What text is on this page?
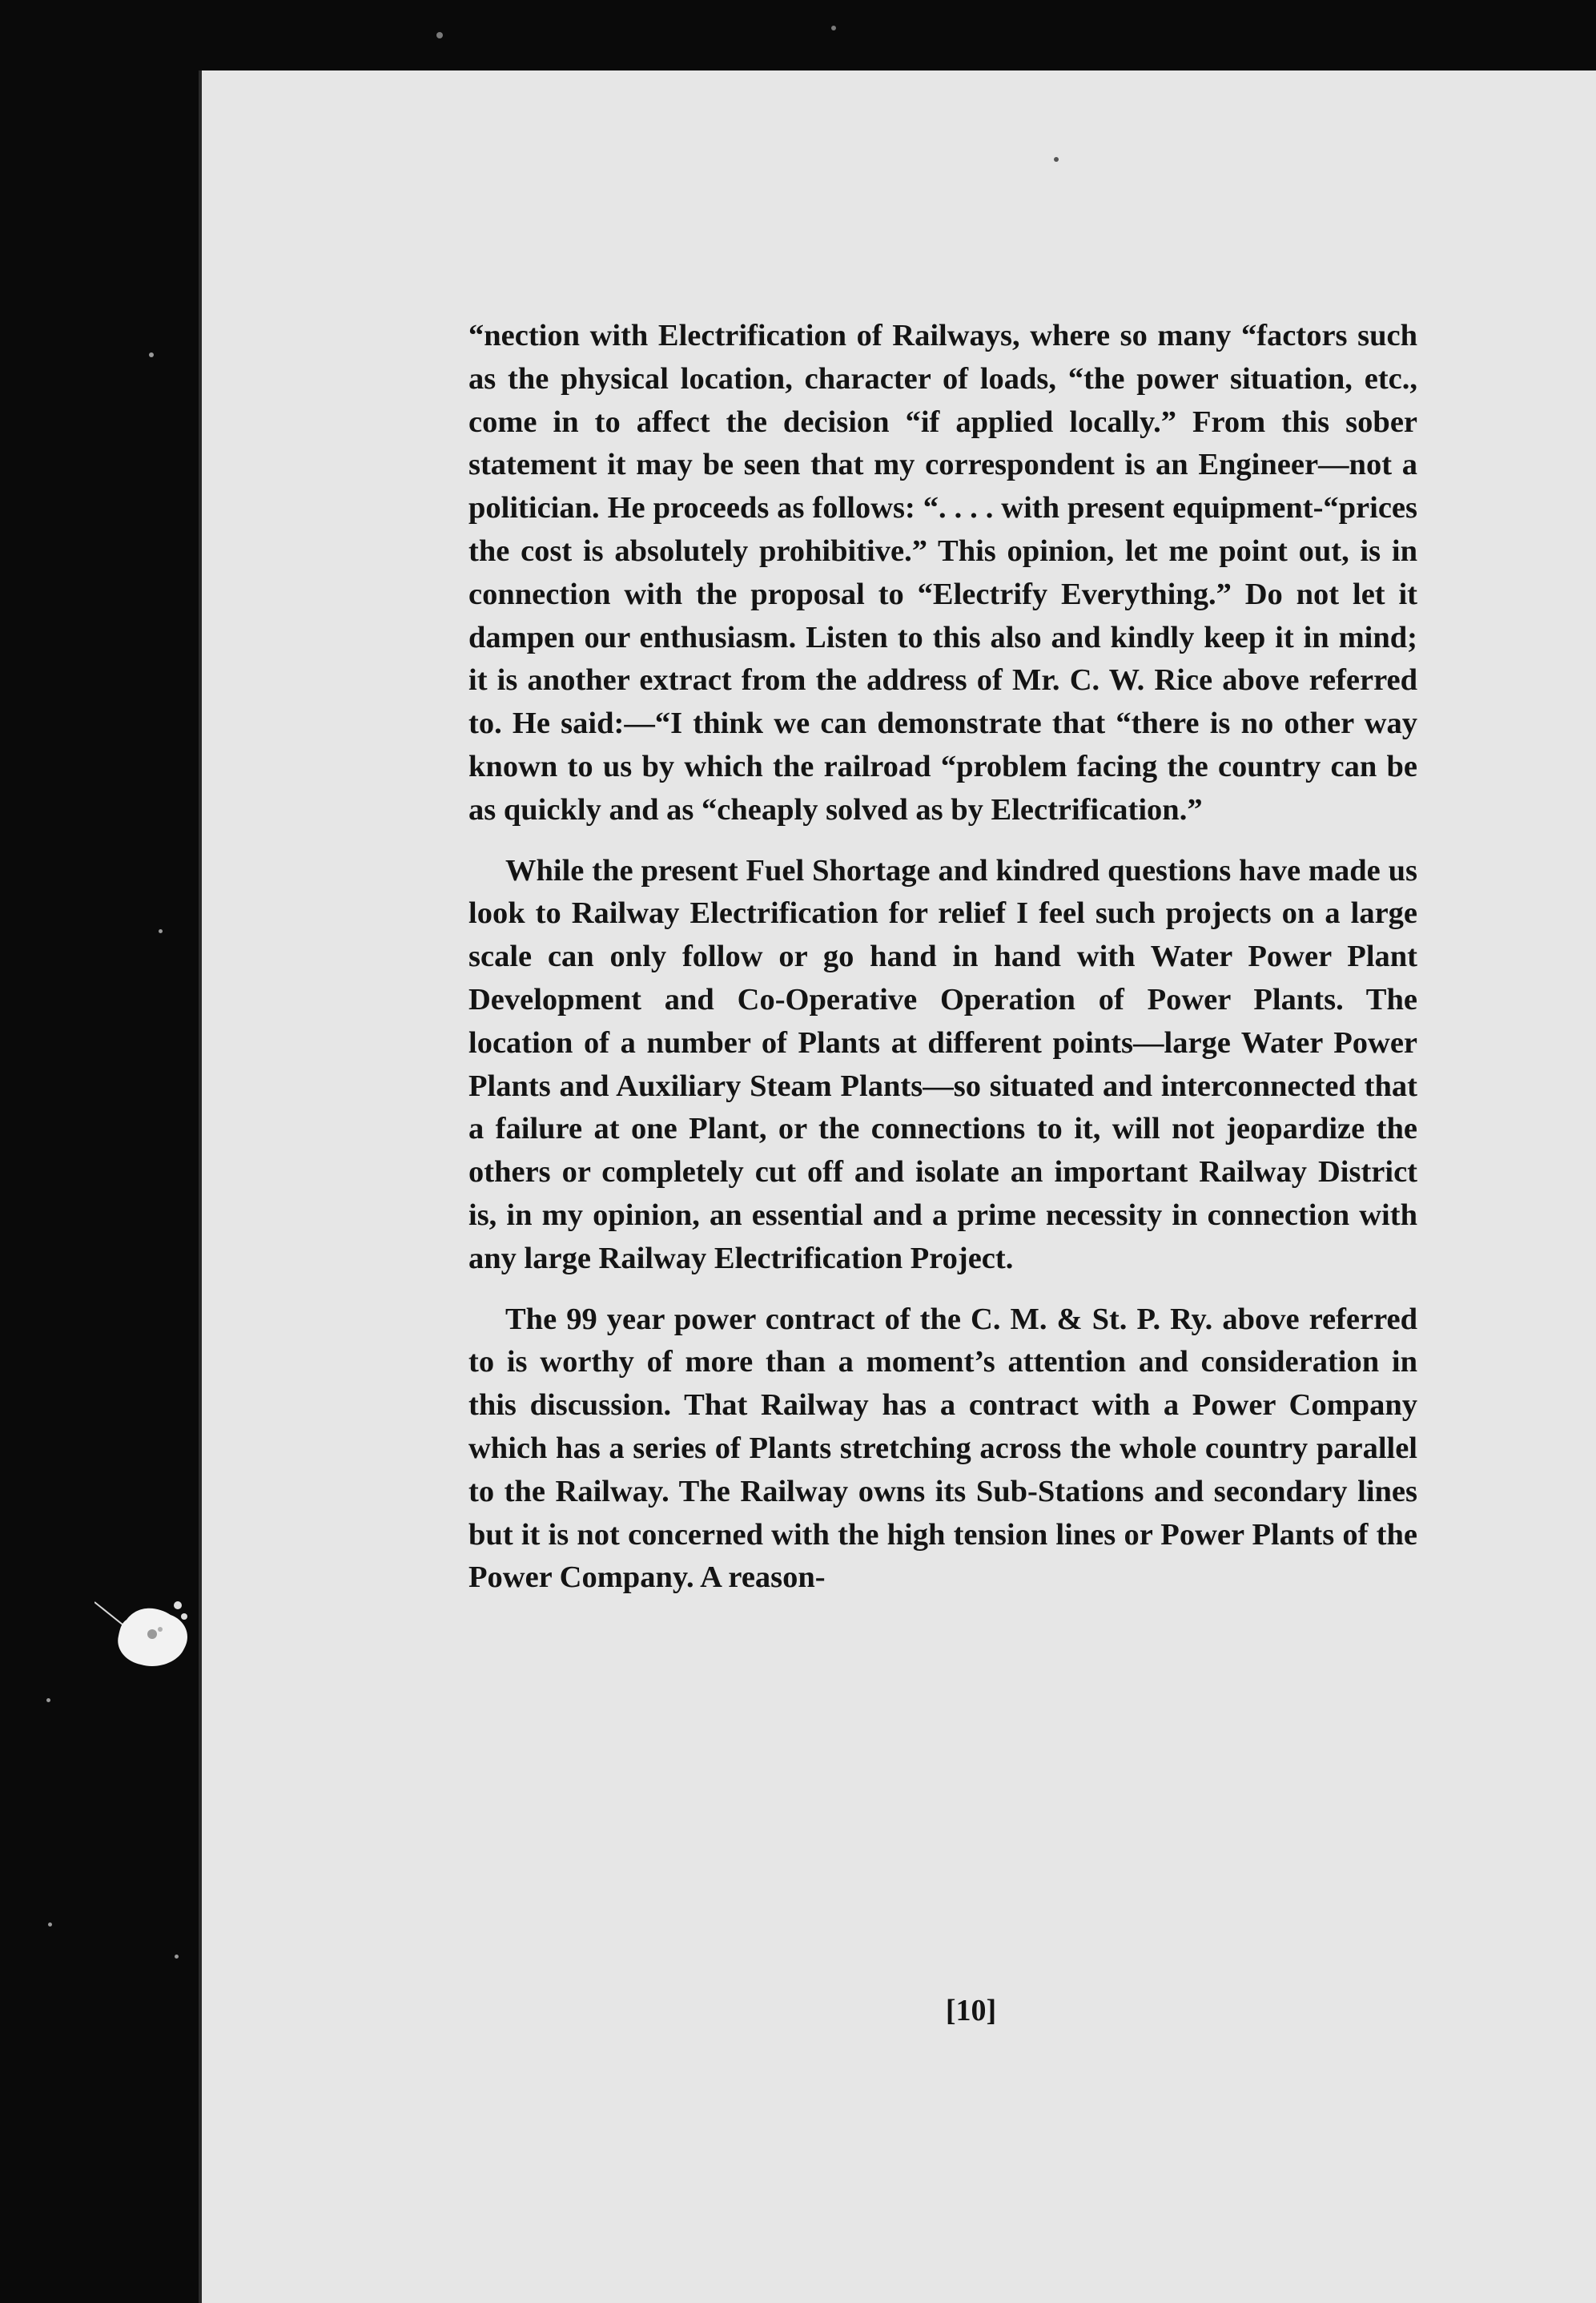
“nection with Electrification of Railways, where so many “factors such as the physical location, character of loads, “the power situation, etc., come in to affect the decision “if applied locally.” From this sober statement it may be seen that my correspondent is an Engineer—not a politician. He proceeds as follows: “. . . . with present equipment-“prices the cost is absolutely prohibitive.” This opinion, let me point out, is in connection with the proposal to “Electrify Everything.” Do not let it dampen our enthusiasm. Listen to this also and kindly keep it in mind; it is another extract from the address of Mr. C. W. Rice above referred to. He said:—“I think we can demonstrate that “there is no other way known to us by which the railroad “problem facing the country can be as quickly and as “cheaply solved as by Electrification.”

While the present Fuel Shortage and kindred questions have made us look to Railway Electrification for relief I feel such projects on a large scale can only follow or go hand in hand with Water Power Plant Development and Co-Operative Operation of Power Plants. The location of a number of Plants at different points—large Water Power Plants and Auxiliary Steam Plants—so situated and interconnected that a failure at one Plant, or the connections to it, will not jeopardize the others or completely cut off and isolate an important Railway District is, in my opinion, an essential and a prime necessity in connection with any large Railway Electrification Project.

The 99 year power contract of the C. M. & St. P. Ry. above referred to is worthy of more than a moment’s attention and consideration in this discussion. That Railway has a contract with a Power Company which has a series of Plants stretching across the whole country parallel to the Railway. The Railway owns its Sub-Stations and secondary lines but it is not concerned with the high tension lines or Power Plants of the Power Company. A reason-

[10]
